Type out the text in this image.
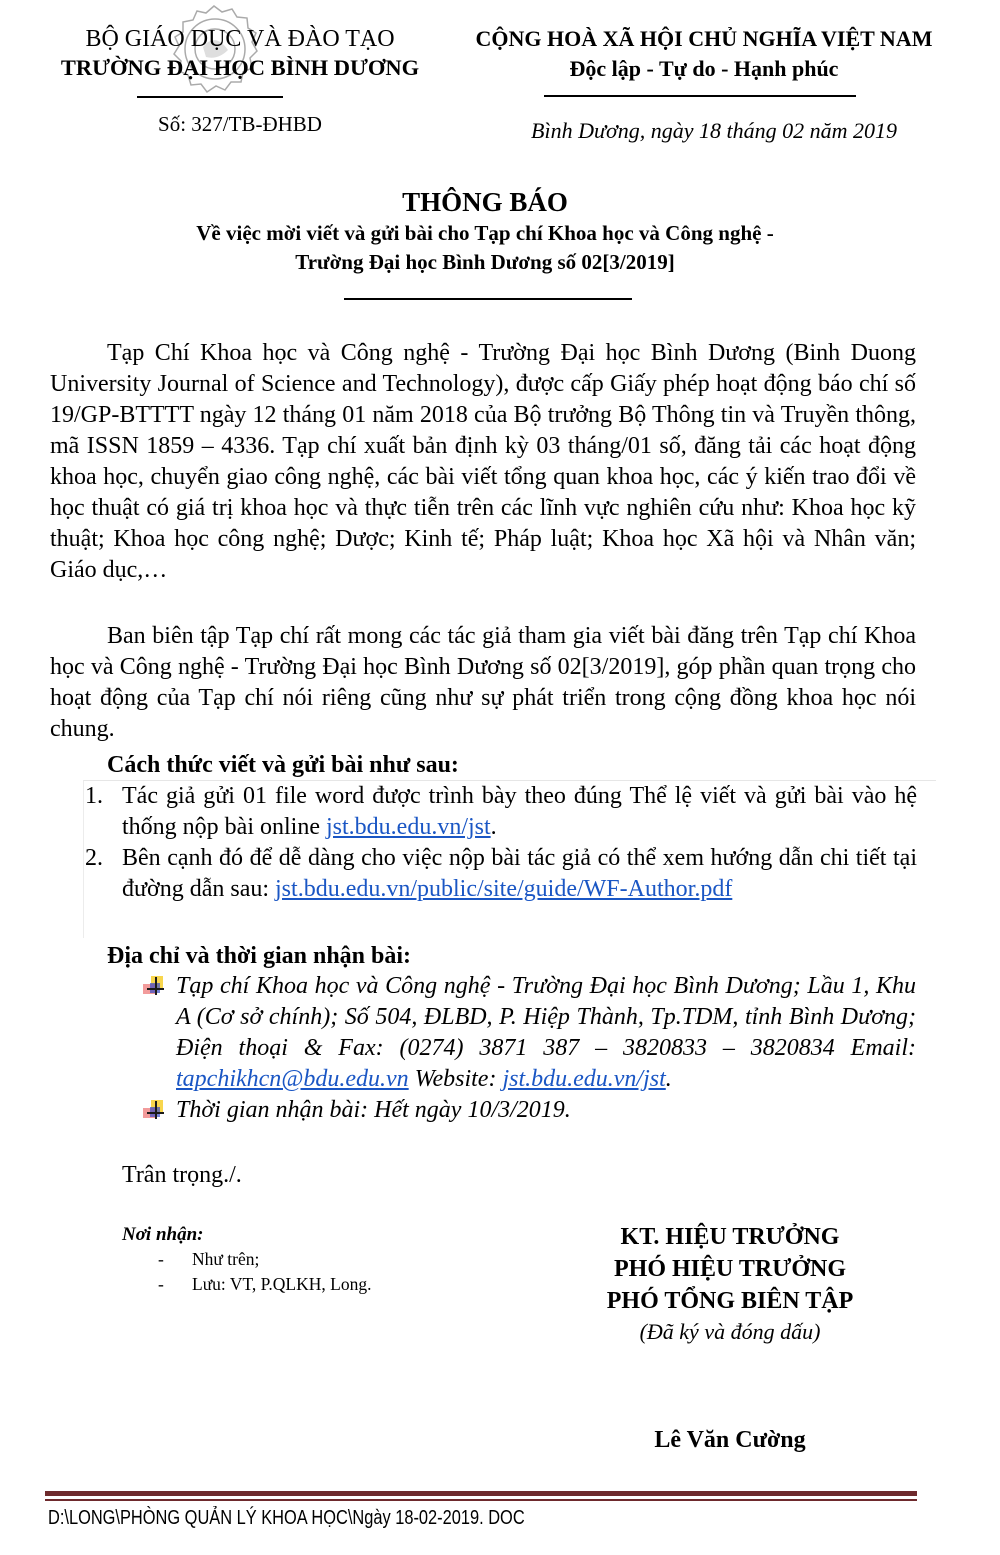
BỘ GIÁO DỤC VÀ ĐÀO TẠO
TRƯỜNG ĐẠI HỌC BÌNH DƯƠNG
Số: 327/TB-ĐHBD
CỘNG HOÀ XÃ HỘI CHỦ NGHĨA VIỆT NAM
Độc lập - Tự do - Hạnh phúc
Bình Dương, ngày 18 tháng 02 năm 2019
THÔNG BÁO
Về việc mời viết và gửi bài cho Tạp chí Khoa học và Công nghệ -
Trường Đại học Bình Dương số 02[3/2019]

Tạp Chí Khoa học và Công nghệ - Trường Đại học Bình Dương (Binh Duong University Journal of Science and Technology), được cấp Giấy phép hoạt động báo chí số 19/GP-BTTTT ngày 12 tháng 01 năm 2018 của Bộ trưởng Bộ Thông tin và Truyền thông, mã ISSN 1859 – 4336. Tạp chí xuất bản định kỳ 03 tháng/01 số, đăng tải các hoạt động khoa học, chuyển giao công nghệ, các bài viết tổng quan khoa học, các ý kiến trao đổi về học thuật có giá trị khoa học và thực tiễn trên các lĩnh vực nghiên cứu như: Khoa học kỹ thuật; Khoa học công nghệ; Dược; Kinh tế; Pháp luật; Khoa học Xã hội và Nhân văn; Giáo dục,…

Ban biên tập Tạp chí rất mong các tác giả tham gia viết bài đăng trên Tạp chí Khoa học và Công nghệ - Trường Đại học Bình Dương số 02[3/2019], góp phần quan trọng cho hoạt động của Tạp chí nói riêng cũng như sự phát triển trong cộng đồng khoa học nói chung.

Cách thức viết và gửi bài như sau:
1. Tác giả gửi 01 file word được trình bày theo đúng Thể lệ viết và gửi bài vào hệ thống nộp bài online jst.bdu.edu.vn/jst.
2. Bên cạnh đó để dễ dàng cho việc nộp bài tác giả có thể xem hướng dẫn chi tiết tại đường dẫn sau: jst.bdu.edu.vn/public/site/guide/WF-Author.pdf
Địa chỉ và thời gian nhận bài:
Tạp chí Khoa học và Công nghệ - Trường Đại học Bình Dương; Lầu 1, Khu A (Cơ sở chính); Số 504, ĐLBD, P. Hiệp Thành, Tp.TDM, tỉnh Bình Dương; Điện thoại & Fax: (0274) 3871 387 – 3820833 – 3820834 Email: tapchikhcn@bdu.edu.vn Website: jst.bdu.edu.vn/jst.
Thời gian nhận bài: Hết ngày 10/3/2019.
Trân trọng./.
Nơi nhận:
-	Như trên;
-	Lưu: VT, P.QLKH, Long.
KT. HIỆU TRƯỞNG
PHÓ HIỆU TRƯỞNG
PHÓ TỔNG BIÊN TẬP
(Đã ký và đóng dấu)
Lê Văn Cường
D:\LONG\PHÒNG QUẢN LÝ KHOA HỌC\Ngày 18-02-2019. DOC
